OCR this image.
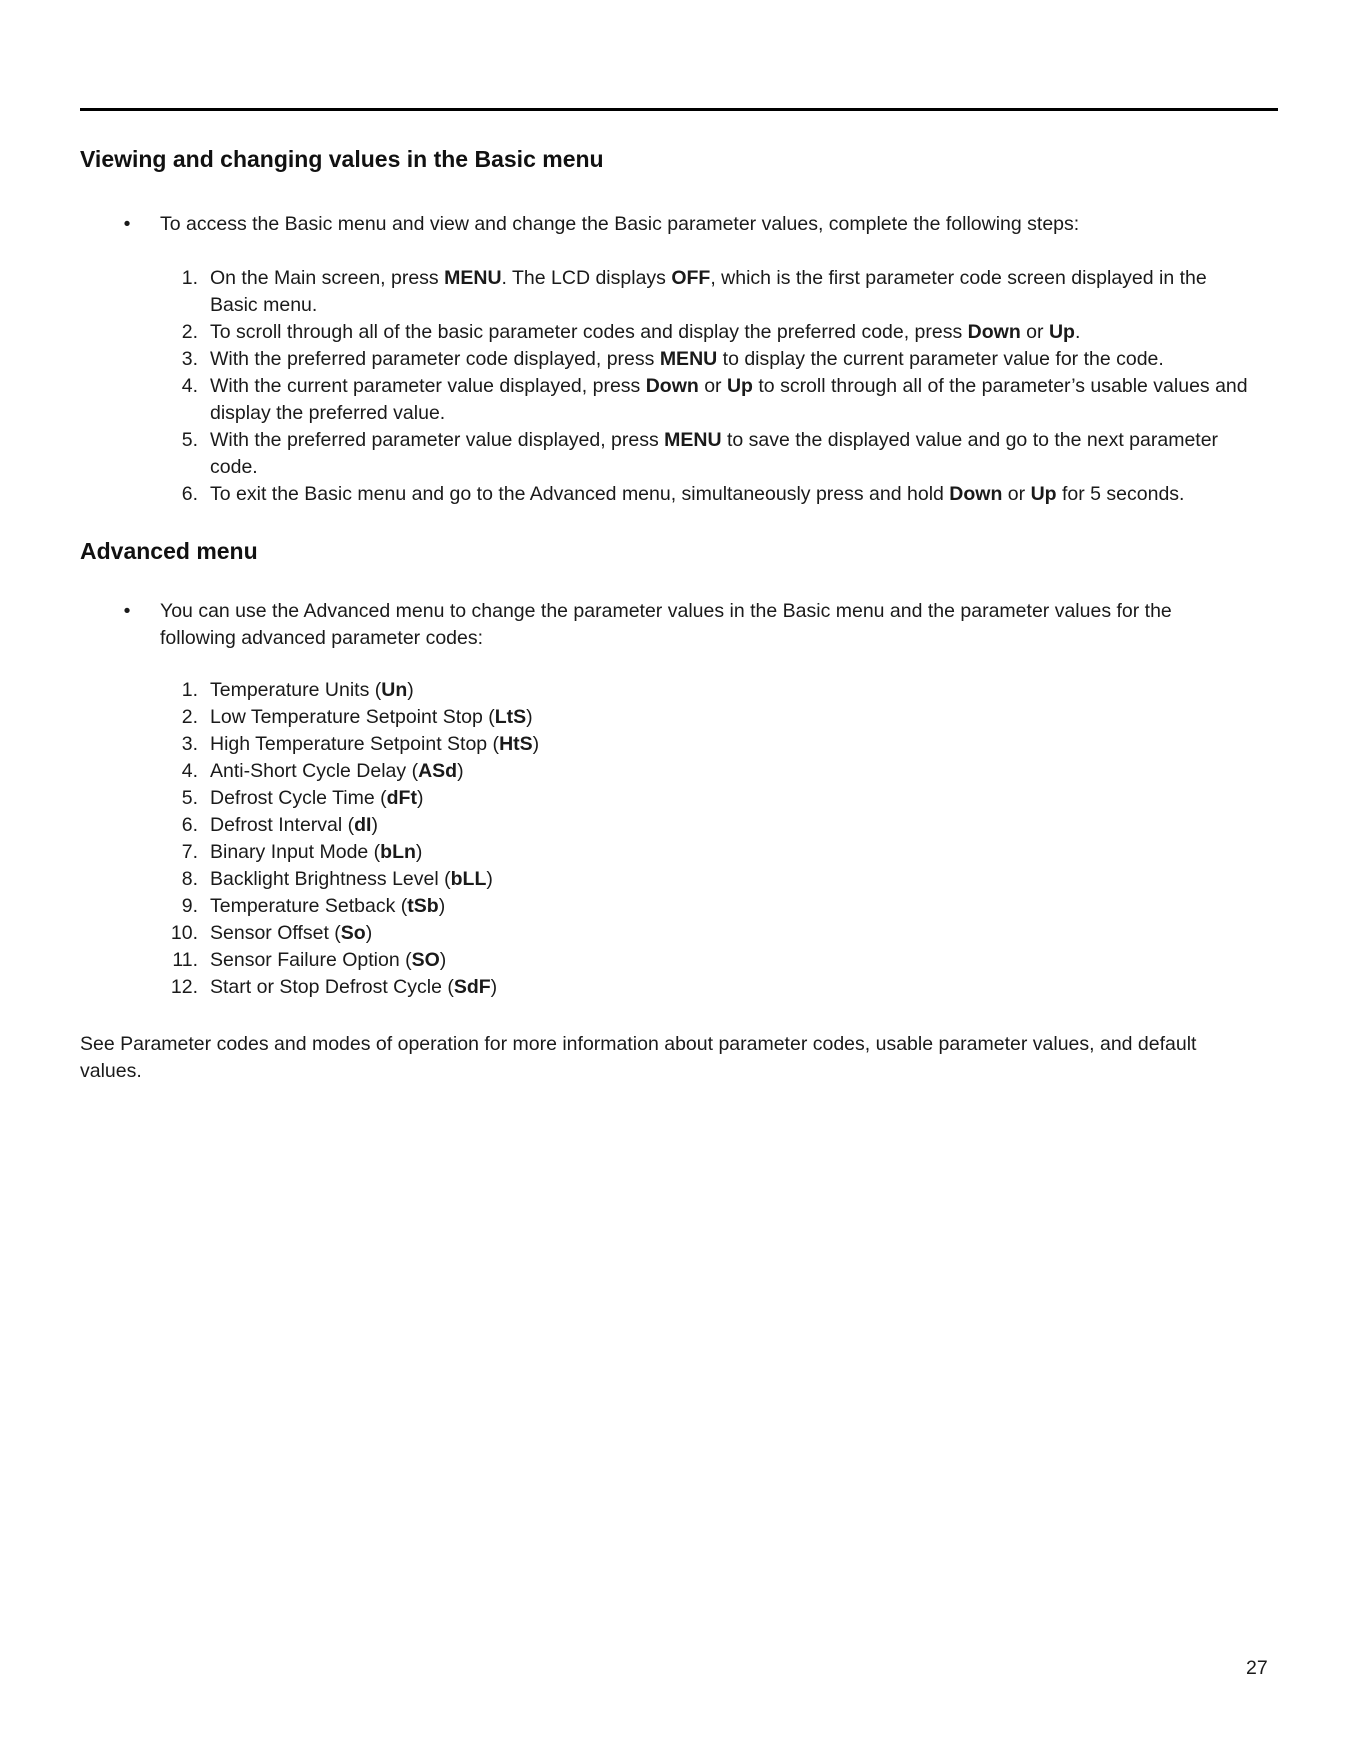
Viewing and changing values in the Basic menu
• To access the Basic menu and view and change the Basic parameter values, complete the following steps:
1. On the Main screen, press MENU. The LCD displays OFF, which is the first parameter code screen displayed in the Basic menu.
2. To scroll through all of the basic parameter codes and display the preferred code, press Down or Up.
3. With the preferred parameter code displayed, press MENU to display the current parameter value for the code.
4. With the current parameter value displayed, press Down or Up to scroll through all of the parameter’s usable values and display the preferred value.
5. With the preferred parameter value displayed, press MENU to save the displayed value and go to the next parameter code.
6. To exit the Basic menu and go to the Advanced menu, simultaneously press and hold Down or Up for 5 seconds.
Advanced menu
• You can use the Advanced menu to change the parameter values in the Basic menu and the parameter values for the following advanced parameter codes:
1. Temperature Units (Un)
2. Low Temperature Setpoint Stop (LtS)
3. High Temperature Setpoint Stop (HtS)
4. Anti-Short Cycle Delay (ASd)
5. Defrost Cycle Time (dFt)
6. Defrost Interval (dI)
7. Binary Input Mode (bLn)
8. Backlight Brightness Level (bLL)
9. Temperature Setback (tSb)
10. Sensor Offset (So)
11. Sensor Failure Option (SO)
12. Start or Stop Defrost Cycle (SdF)
See Parameter codes and modes of operation for more information about parameter codes, usable parameter values, and default values.
27
